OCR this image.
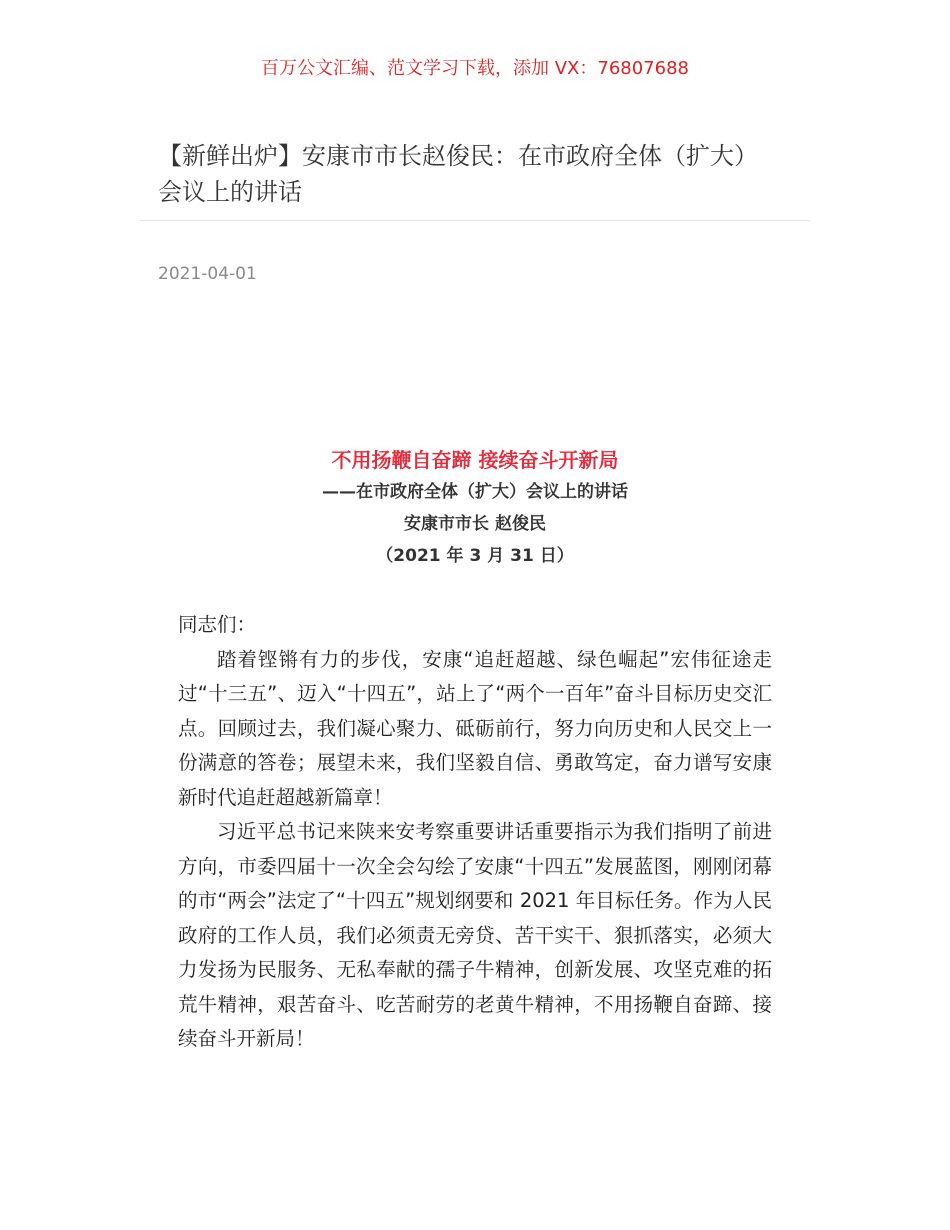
百万公文汇编、范文学习下载，添加 VX：76807688
【新鲜出炉】安康市市长赵俊民：在市政府全体（扩大）会议上的讲话
2021-04-01
不用扬鞭自奋蹄 接续奋斗开新局
——在市政府全体（扩大）会议上的讲话
安康市市长 赵俊民
（2021 年 3 月 31 日）

同志们：

踏着铿锵有力的步伐，安康“追赶超越、绿色崛起”宏伟征途走过“十三五”、迈入“十四五”，站上了“两个一百年”奋斗目标历史交汇点。回顾过去，我们凝心聚力、砥砺前行，努力向历史和人民交上一份满意的答卷；展望未来，我们坚毅自信、勇敢笃定，奋力谱写安康新时代追赶超越新篇章！

习近平总书记来陕来安考察重要讲话重要指示为我们指明了前进方向，市委四届十一次全会勾绘了安康“十四五”发展蓝图，刚刚闭幕的市“两会”法定了“十四五”规划纲要和 2021 年目标任务。作为人民政府的工作人员，我们必须责无旁贷、苦干实干、狠抓落实，必须大力发扬为民服务、无私奉献的孺子牛精神，创新发展、攻坚克难的拓荒牛精神，艰苦奋斗、吃苦耐劳的老黄牛精神，不用扬鞭自奋蹄、接续奋斗开新局！
